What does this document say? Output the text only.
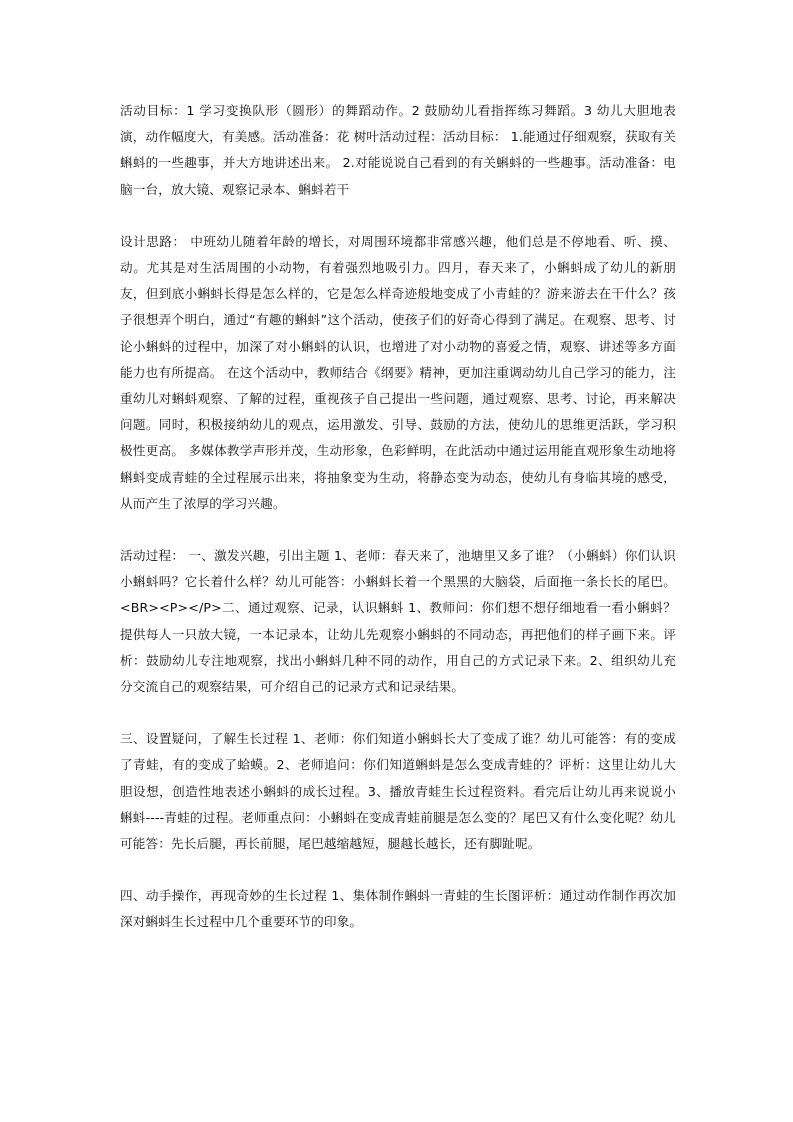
活动目标：1 学习变换队形（圆形）的舞蹈动作。2 鼓励幼儿看指挥练习舞蹈。3 幼儿大胆地表演，动作幅度大，有美感。活动准备：花 树叶活动过程：活动目标： 1.能通过仔细观察，获取有关蝌蚪的一些趣事，并大方地讲述出来。 2.对能说说自己看到的有关蝌蚪的一些趣事。活动准备：电脑一台，放大镜、观察记录本、蝌蚪若干

设计思路： 中班幼儿随着年龄的增长，对周围环境都非常感兴趣，他们总是不停地看、听、摸、动。尤其是对生活周围的小动物，有着强烈地吸引力。四月，春天来了，小蝌蚪成了幼儿的新朋友，但到底小蝌蚪长得是怎么样的，它是怎么样奇迹般地变成了小青蛙的？游来游去在干什么？孩子很想弄个明白，通过“有趣的蝌蚪”这个活动，使孩子们的好奇心得到了满足。在观察、思考、讨论小蝌蚪的过程中，加深了对小蝌蚪的认识，也增进了对小动物的喜爱之情，观察、讲述等多方面能力也有所提高。 在这个活动中，教师结合《纲要》精神，更加注重调动幼儿自己学习的能力，注重幼儿对蝌蚪观察、了解的过程，重视孩子自己提出一些问题，通过观察、思考、讨论，再来解决问题。同时，积极接纳幼儿的观点，运用激发、引导、鼓励的方法，使幼儿的思维更活跃，学习积极性更高。 多媒体教学声形并茂，生动形象，色彩鲜明，在此活动中通过运用能直观形象生动地将蝌蚪变成青蛙的全过程展示出来，将抽象变为生动，将静态变为动态，使幼儿有身临其境的感受，从而产生了浓厚的学习兴趣。

活动过程： 一、激发兴趣，引出主题 1、老师：春天来了，池塘里又多了谁？（小蝌蚪）你们认识小蝌蚪吗？它长着什么样？幼儿可能答：小蝌蚪长着一个黑黑的大脑袋，后面拖一条长长的尾巴。 <BR><P></P>二、通过观察、记录，认识蝌蚪 1、教师问：你们想不想仔细地看一看小蝌蚪？提供每人一只放大镜，一本记录本，让幼儿先观察小蝌蚪的不同动态，再把他们的样子画下来。评析：鼓励幼儿专注地观察，找出小蝌蚪几种不同的动作，用自己的方式记录下来。2、组织幼儿充分交流自己的观察结果，可介绍自己的记录方式和记录结果。

三、设置疑问，了解生长过程 1、老师：你们知道小蝌蚪长大了变成了谁？幼儿可能答：有的变成了青蛙，有的变成了蛤蟆。2、老师追问：你们知道蝌蚪是怎么变成青蛙的？评析：这里让幼儿大胆设想，创造性地表述小蝌蚪的成长过程。3、播放青蛙生长过程资料。看完后让幼儿再来说说小蝌蚪----青蛙的过程。老师重点问：小蝌蚪在变成青蛙前腿是怎么变的？尾巴又有什么变化呢？幼儿可能答：先长后腿，再长前腿，尾巴越缩越短，腿越长越长，还有脚趾呢。

四、动手操作，再现奇妙的生长过程 1、集体制作蝌蚪一青蛙的生长图评析：通过动作制作再次加深对蝌蚪生长过程中几个重要环节的印象。
